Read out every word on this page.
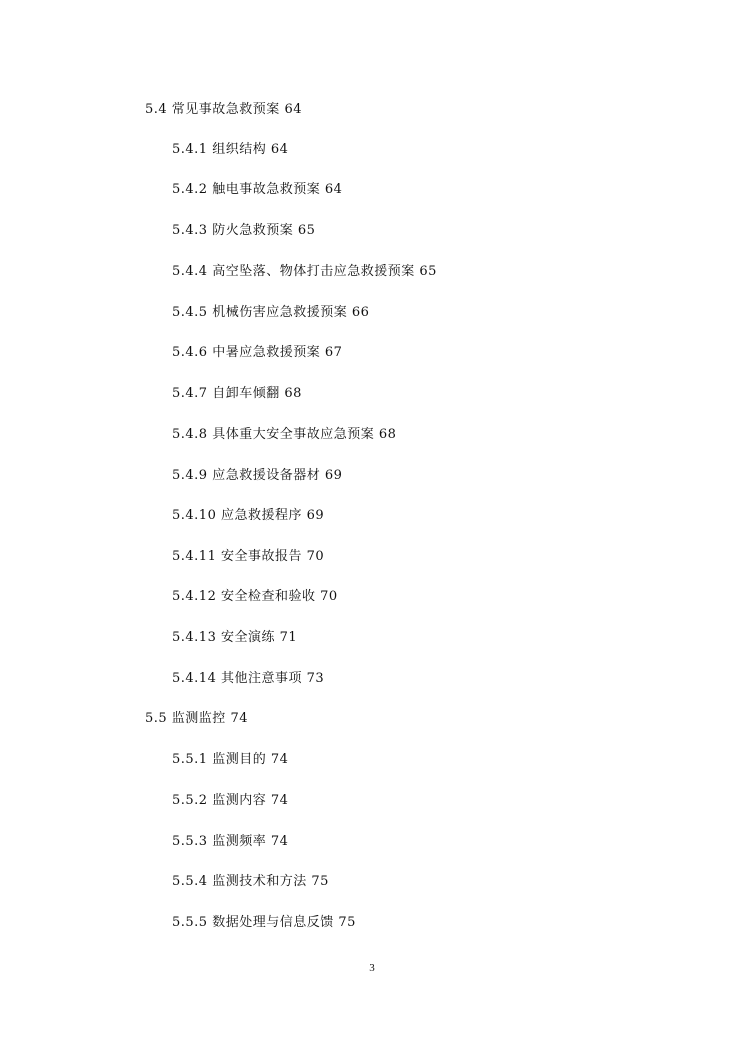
5.4 常见事故急救预案 64
5.4.1 组织结构 64
5.4.2 触电事故急救预案 64
5.4.3 防火急救预案 65
5.4.4 高空坠落、物体打击应急救援预案 65
5.4.5 机械伤害应急救援预案 66
5.4.6 中暑应急救援预案 67
5.4.7 自卸车倾翻 68
5.4.8 具体重大安全事故应急预案 68
5.4.9 应急救援设备器材 69
5.4.10 应急救援程序 69
5.4.11 安全事故报告 70
5.4.12 安全检查和验收 70
5.4.13 安全演练 71
5.4.14 其他注意事项 73
5.5 监测监控 74
5.5.1 监测目的 74
5.5.2 监测内容 74
5.5.3 监测频率 74
5.5.4 监测技术和方法 75
5.5.5 数据处理与信息反馈 75
3
